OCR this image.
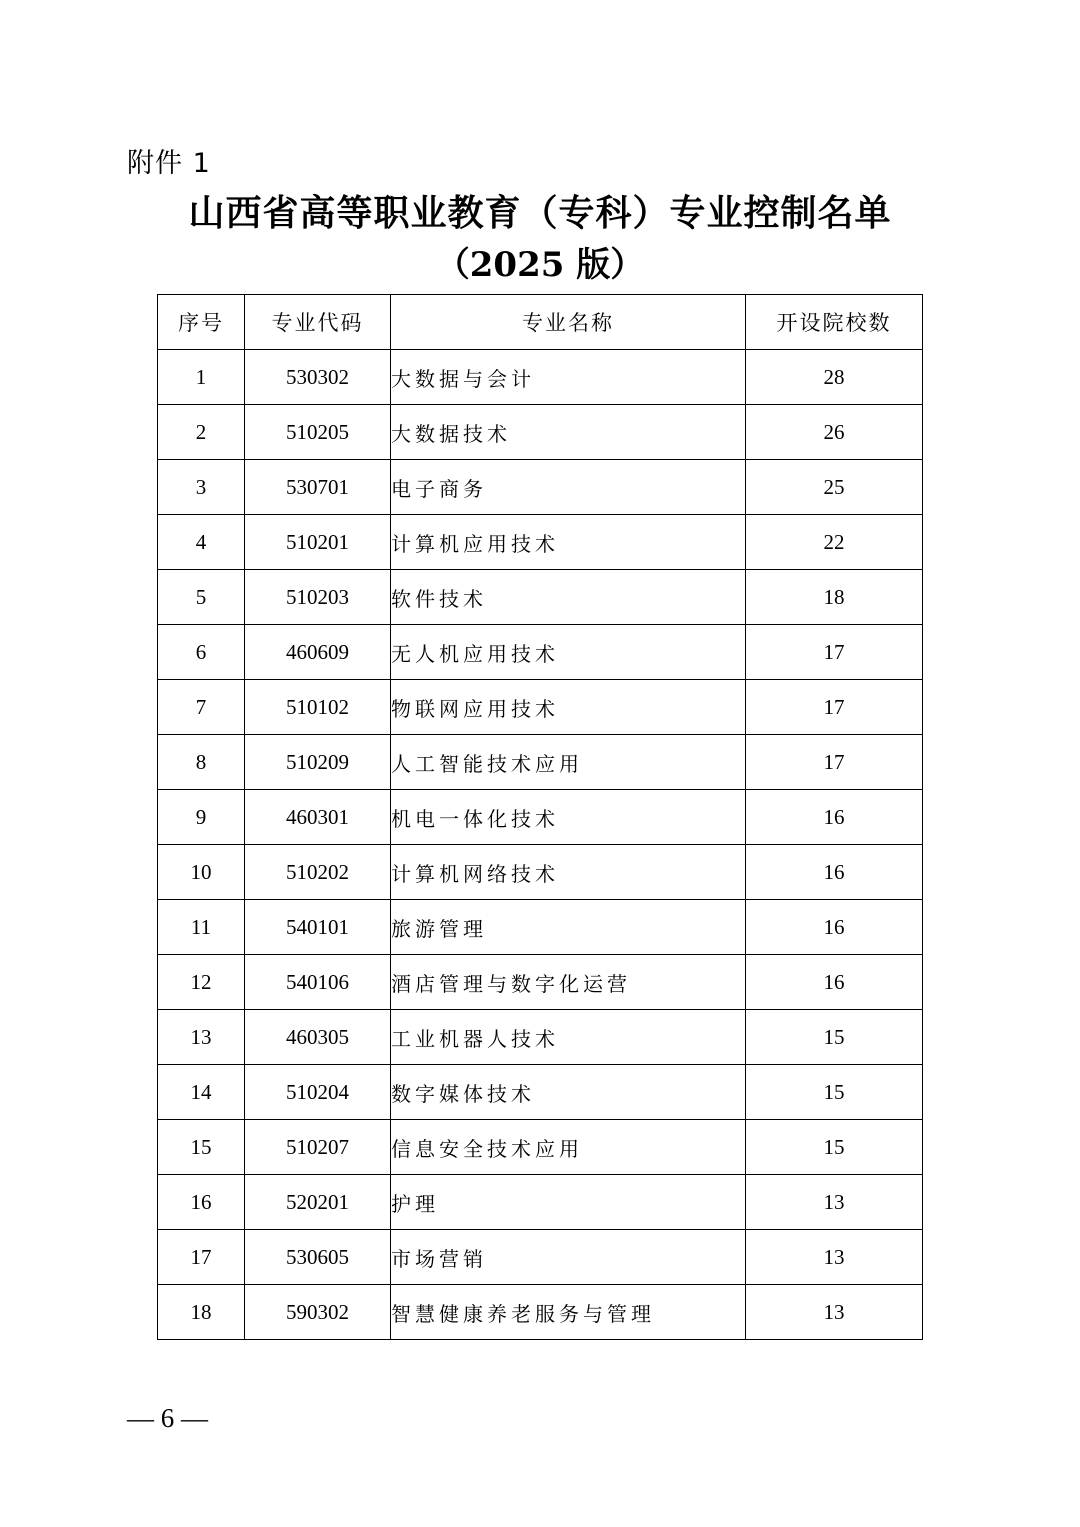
附件 1
山西省高等职业教育（专科）专业控制名单
（2025 版）
序号	专业代码	专业名称	开设院校数
1	530302	大数据与会计	28
2	510205	大数据技术	26
3	530701	电子商务	25
4	510201	计算机应用技术	22
5	510203	软件技术	18
6	460609	无人机应用技术	17
7	510102	物联网应用技术	17
8	510209	人工智能技术应用	17
9	460301	机电一体化技术	16
10	510202	计算机网络技术	16
11	540101	旅游管理	16
12	540106	酒店管理与数字化运营	16
13	460305	工业机器人技术	15
14	510204	数字媒体技术	15
15	510207	信息安全技术应用	15
16	520201	护理	13
17	530605	市场营销	13
18	590302	智慧健康养老服务与管理	13
— 6 —
